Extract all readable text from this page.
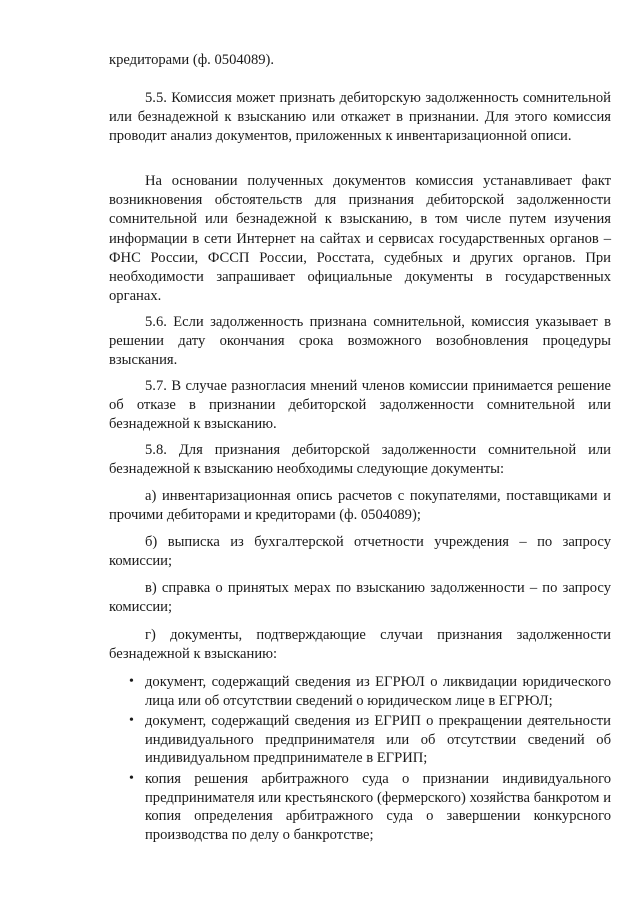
кредиторами (ф. 0504089).

5.5. Комиссия может признать дебиторскую задолженность сомнительной или безнадежной к взысканию или откажет в признании. Для этого комиссия проводит анализ документов, приложенных к инвентаризационной описи.

На основании полученных документов комиссия устанавливает факт возникновения обстоятельств для признания дебиторской задолженности сомнительной или безнадежной к взысканию, в том числе путем изучения информации в сети Интернет на сайтах и сервисах государственных органов – ФНС России, ФССП России, Росстата, судебных и других органов. При необходимости запрашивает официальные документы в государственных органах.

5.6. Если задолженность признана сомнительной, комиссия указывает в решении дату окончания срока возможного возобновления процедуры взыскания.

5.7. В случае разногласия мнений членов комиссии принимается решение об отказе в признании дебиторской задолженности сомнительной или безнадежной к взысканию.

5.8. Для признания дебиторской задолженности сомнительной или безнадежной к взысканию необходимы следующие документы:

а) инвентаризационная опись расчетов с покупателями, поставщиками и прочими дебиторами и кредиторами (ф. 0504089);

б) выписка из бухгалтерской отчетности учреждения – по запросу комиссии;

в) справка о принятых мерах по взысканию задолженности – по запросу комиссии;

г) документы, подтверждающие случаи признания задолженности безнадежной к взысканию:

• документ, содержащий сведения из ЕГРЮЛ о ликвидации юридического лица или об отсутствии сведений о юридическом лице в ЕГРЮЛ;
• документ, содержащий сведения из ЕГРИП о прекращении деятельности индивидуального предпринимателя или об отсутствии сведений об индивидуальном предпринимателе в ЕГРИП;
• копия решения арбитражного суда о признании индивидуального предпринимателя или крестьянского (фермерского) хозяйства банкротом и копия определения арбитражного суда о завершении конкурсного производства по делу о банкротстве;
